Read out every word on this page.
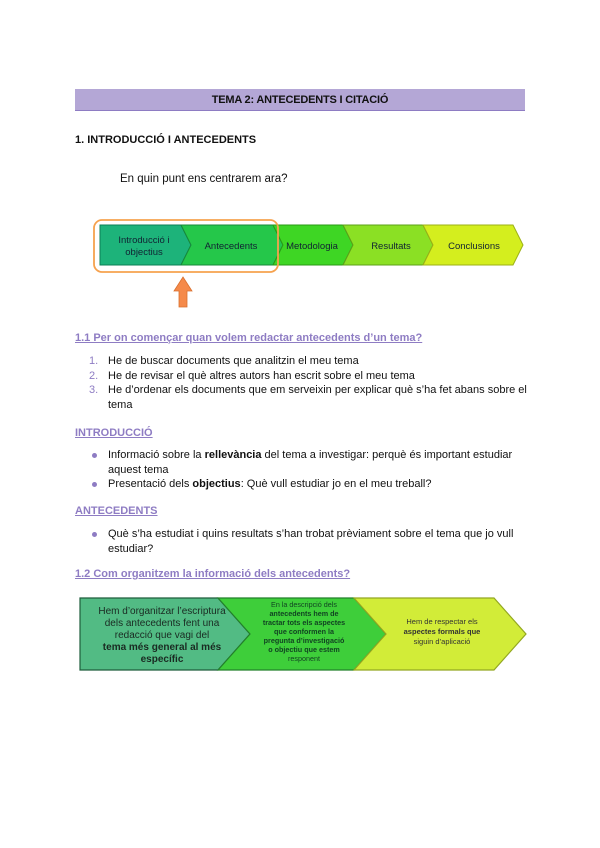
TEMA 2: ANTECEDENTS I CITACIÓ
1. INTRODUCCIÓ I ANTECEDENTS
En quin punt ens centrarem ara?
Introducció i
objectius
Antecedents	Metodologia	Resultats	Conclusions
1.1 Per on començar quan volem redactar antecedents d’un tema?
1. He de buscar documents que analitzin el meu tema
2. He de revisar el què altres autors han escrit sobre el meu tema
3. He d’ordenar els documents que em serveixin per explicar què s’ha fet abans sobre el tema
INTRODUCCIÓ
Informació sobre la rellevància del tema a investigar: perquè és important estudiar aquest tema
Presentació dels objectius: Què vull estudiar jo en el meu treball?
ANTECEDENTS
Què s’ha estudiat i quins resultats s’han trobat prèviament sobre el tema que jo vull estudiar?
1.2 Com organitzem la informació dels antecedents?
Hem d’organitzar l’escriptura
dels antecedents fent una
redacció que vagi del
tema més general al més
específic
En la descripció dels
antecedents hem de
tractar tots els aspectes
que conformen la
pregunta d’investigació
o objectiu que estem
responent
Hem de respectar els
aspectes formals que
siguin d’aplicació
